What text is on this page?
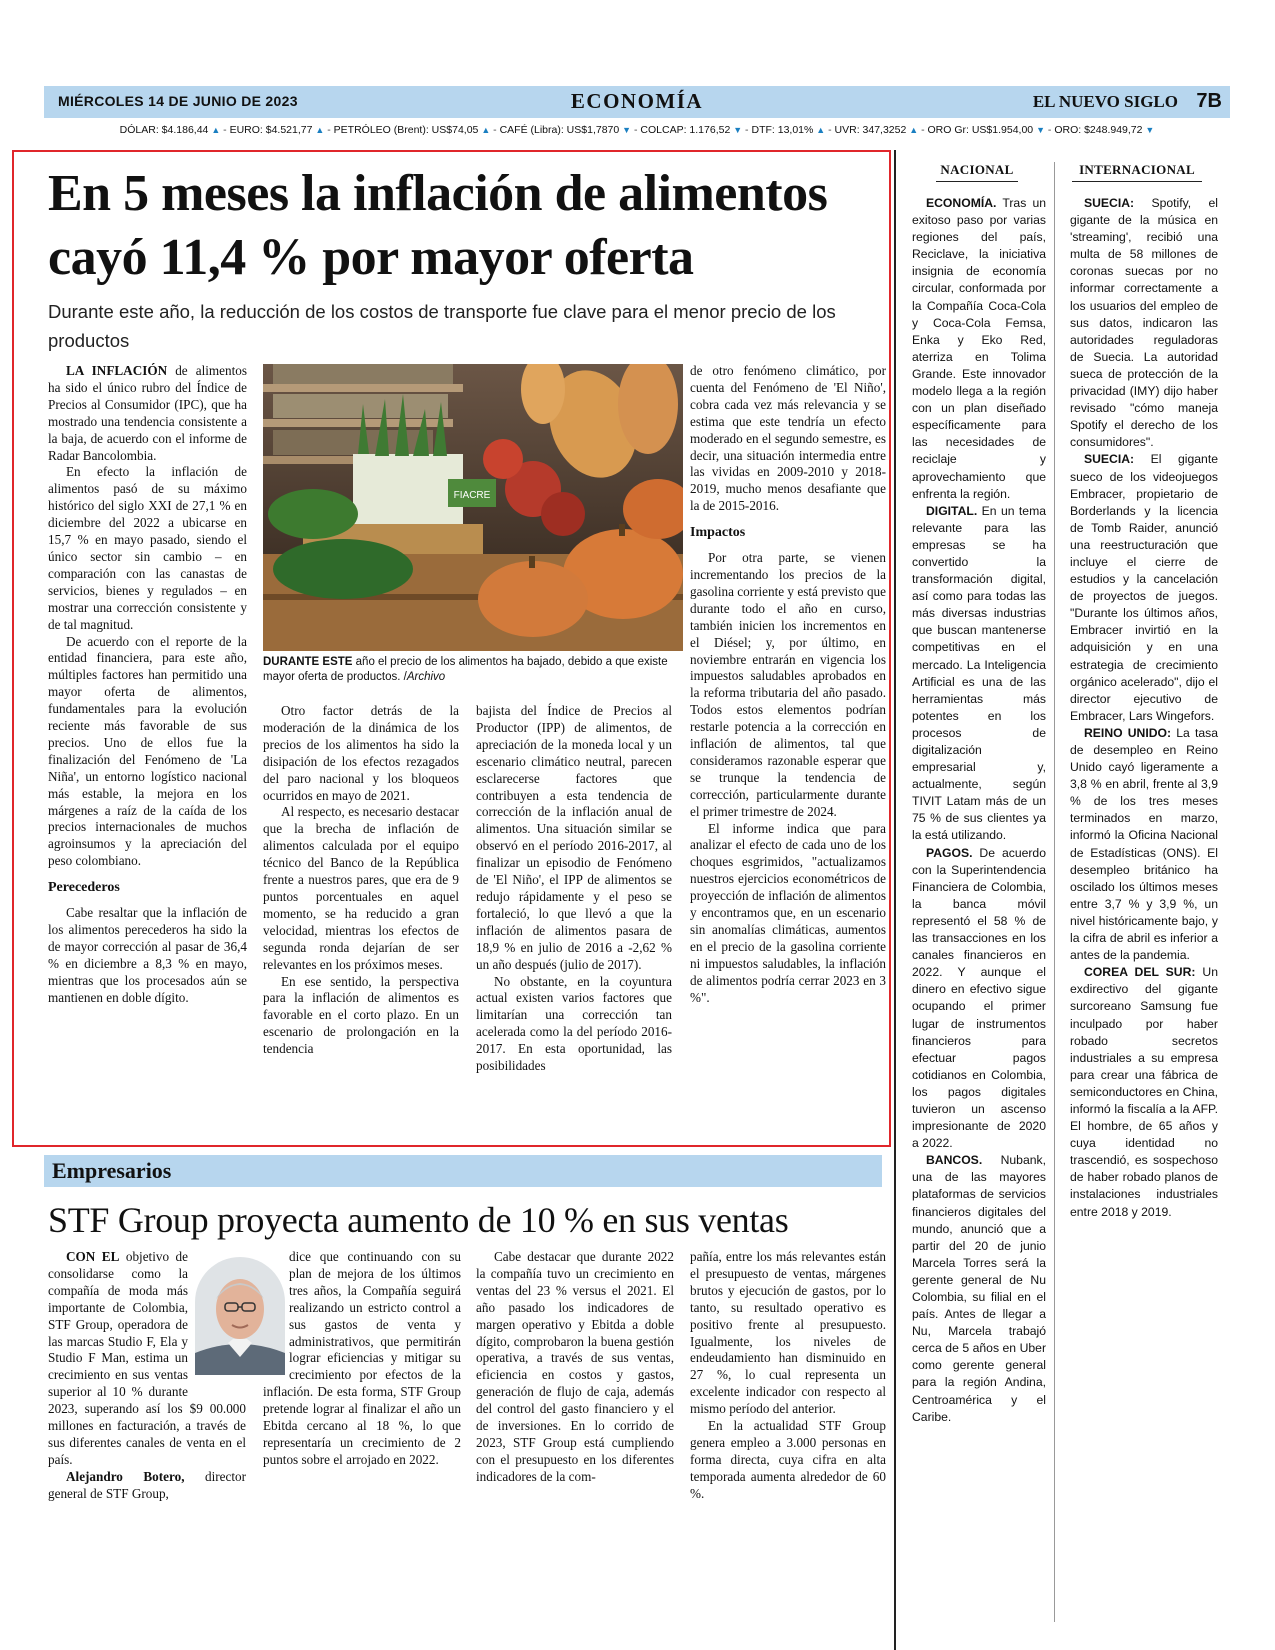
MIÉRCOLES 14 DE JUNIO DE 2023	ECONOMÍA	EL NUEVO SIGLO 7B
DÓLAR: $4.186,44 ▲ - EURO: $4.521,77 ▲ - PETRÓLEO (Brent): US$74,05 ▲ - CAFÉ (Libra): US$1,7870 ▼ - COLCAP: 1.176,52 ▼ - DTF: 13,01% ▲ - UVR: 347,3252 ▲ - ORO Gr: US$1.954,00 ▼ - ORO: $248.949,72 ▼
En 5 meses la inflación de alimentos cayó 11,4 % por mayor oferta
Durante este año, la reducción de los costos de transporte fue clave para el menor precio de los productos

LA INFLACIÓN de alimentos ha sido el único rubro del Índice de Precios al Consumidor (IPC), que ha mostrado una tendencia consistente a la baja, de acuerdo con el informe de Radar Bancolombia.

En efecto la inflación de alimentos pasó de su máximo histórico del siglo XXI de 27,1 % en diciembre del 2022 a ubicarse en 15,7 % en mayo pasado, siendo el único sector sin cambio – en comparación con las canastas de servicios, bienes y regulados – en mostrar una corrección consistente y de tal magnitud.

De acuerdo con el reporte de la entidad financiera, para este año, múltiples factores han permitido una mayor oferta de alimentos, fundamentales para la evolución reciente más favorable de sus precios. Uno de ellos fue la finalización del Fenómeno de 'La Niña', un entorno logístico nacional más estable, la mejora en los márgenes a raíz de la caída de los precios internacionales de muchos agroinsumos y la apreciación del peso colombiano.

Perecederos

Cabe resaltar que la inflación de los alimentos perecederos ha sido la de mayor corrección al pasar de 36,4 % en diciembre a 8,3 % en mayo, mientras que los procesados aún se mantienen en doble dígito.

FIACRE
DURANTE ESTE año el precio de los alimentos ha bajado, debido a que existe mayor oferta de productos. /Archivo

Otro factor detrás de la moderación de la dinámica de los precios de los alimentos ha sido la disipación de los efectos rezagados del paro nacional y los bloqueos ocurridos en mayo de 2021.

Al respecto, es necesario destacar que la brecha de inflación de alimentos calculada por el equipo técnico del Banco de la República frente a nuestros pares, que era de 9 puntos porcentuales en aquel momento, se ha reducido a gran velocidad, mientras los efectos de segunda ronda dejarían de ser relevantes en los próximos meses.

En ese sentido, la perspectiva para la inflación de alimentos es favorable en el corto plazo. En un escenario de prolongación en la tendencia

bajista del Índice de Precios al Productor (IPP) de alimentos, de apreciación de la moneda local y un escenario climático neutral, parecen esclarecerse factores que contribuyen a esta tendencia de corrección de la inflación anual de alimentos. Una situación similar se observó en el período 2016-2017, al finalizar un episodio de Fenómeno de 'El Niño', el IPP de alimentos se redujo rápidamente y el peso se fortaleció, lo que llevó a que la inflación de alimentos pasara de 18,9 % en julio de 2016 a -2,62 % un año después (julio de 2017).

No obstante, en la coyuntura actual existen varios factores que limitarían una corrección tan acelerada como la del período 2016-2017. En esta oportunidad, las posibilidades

de otro fenómeno climático, por cuenta del Fenómeno de 'El Niño', cobra cada vez más relevancia y se estima que este tendría un efecto moderado en el segundo semestre, es decir, una situación intermedia entre las vividas en 2009-2010 y 2018- 2019, mucho menos desafiante que la de 2015-2016.

Impactos

Por otra parte, se vienen incrementando los precios de la gasolina corriente y está previsto que durante todo el año en curso, también inicien los incrementos en el Diésel; y, por último, en noviembre entrarán en vigencia los impuestos saludables aprobados en la reforma tributaria del año pasado. Todos estos elementos podrían restarle potencia a la corrección en inflación de alimentos, tal que consideramos razonable esperar que se trunque la tendencia de corrección, particularmente durante el primer trimestre de 2024.

El informe indica que para analizar el efecto de cada uno de los choques esgrimidos, "actualizamos nuestros ejercicios econométricos de proyección de inflación de alimentos y encontramos que, en un escenario sin anomalías climáticas, aumentos en el precio de la gasolina corriente ni impuestos saludables, la inflación de alimentos podría cerrar 2023 en 3 %".

NACIONAL	INTERNACIONAL

ECONOMÍA. Tras un exitoso paso por varias regiones del país, Reciclave, la iniciativa insignia de economía circular, conformada por la Compañía Coca-Cola y Coca-Cola Femsa, Enka y Eko Red, aterriza en Tolima Grande. Este innovador modelo llega a la región con un plan diseñado específicamente para las necesidades de reciclaje y aprovechamiento que enfrenta la región.

DIGITAL. En un tema relevante para las empresas se ha convertido la transformación digital, así como para todas las más diversas industrias que buscan mantenerse competitivas en el mercado. La Inteligencia Artificial es una de las herramientas más potentes en los procesos de digitalización empresarial y, actualmente, según TIVIT Latam más de un 75 % de sus clientes ya la está utilizando.

PAGOS. De acuerdo con la Superintendencia Financiera de Colombia, la banca móvil representó el 58 % de las transacciones en los canales financieros en 2022. Y aunque el dinero en efectivo sigue ocupando el primer lugar de instrumentos financieros para efectuar pagos cotidianos en Colombia, los pagos digitales tuvieron un ascenso impresionante de 2020 a 2022.

BANCOS. Nubank, una de las mayores plataformas de servicios financieros digitales del mundo, anunció que a partir del 20 de junio Marcela Torres será la gerente general de Nu Colombia, su filial en el país. Antes de llegar a Nu, Marcela trabajó cerca de 5 años en Uber como gerente general para la región Andina, Centroamérica y el Caribe.

SUECIA: Spotify, el gigante de la música en 'streaming', recibió una multa de 58 millones de coronas suecas por no informar correctamente a los usuarios del empleo de sus datos, indicaron las autoridades reguladoras de Suecia. La autoridad sueca de protección de la privacidad (IMY) dijo haber revisado "cómo maneja Spotify el derecho de los consumidores".

SUECIA: El gigante sueco de los videojuegos Embracer, propietario de Borderlands y la licencia de Tomb Raider, anunció una reestructuración que incluye el cierre de estudios y la cancelación de proyectos de juegos. "Durante los últimos años, Embracer invirtió en la adquisición y en una estrategia de crecimiento orgánico acelerado", dijo el director ejecutivo de Embracer, Lars Wingefors.

REINO UNIDO: La tasa de desempleo en Reino Unido cayó ligeramente a 3,8 % en abril, frente al 3,9 % de los tres meses terminados en marzo, informó la Oficina Nacional de Estadísticas (ONS). El desempleo británico ha oscilado los últimos meses entre 3,7 % y 3,9 %, un nivel históricamente bajo, y la cifra de abril es inferior a antes de la pandemia.

COREA DEL SUR: Un exdirectivo del gigante surcoreano Samsung fue inculpado por haber robado secretos industriales a su empresa para crear una fábrica de semiconductores en China, informó la fiscalía a la AFP. El hombre, de 65 años y cuya identidad no trascendió, es sospechoso de haber robado planos de instalaciones industriales entre 2018 y 2019.

Empresarios
STF Group proyecta aumento de 10 % en sus ventas

CON EL objetivo de consolidarse como la compañía de moda más importante de Colombia, STF Group, operadora de las marcas Studio F, Ela y Studio F Man, estima un crecimiento en sus ventas superior al 10 % durante 2023, superando así los $9 00.000 millones en facturación, a través de sus diferentes canales de venta en el país.

Alejandro Botero, director general de STF Group,

dice que continuando con su plan de mejora de los últimos tres años, la Compañía seguirá realizando un estricto control a sus gastos de venta y administrativos, que permitirán lograr eficiencias y mitigar su crecimiento por efectos de la inflación. De esta forma, STF Group pretende lograr al finalizar el año un Ebitda cercano al 18 %, lo que representaría un crecimiento de 2 puntos sobre el arrojado en 2022.

Cabe destacar que durante 2022 la compañía tuvo un crecimiento en ventas del 23 % versus el 2021. El año pasado los indicadores de margen operativo y Ebitda a doble dígito, comprobaron la buena gestión operativa, a través de sus ventas, eficiencia en costos y gastos, generación de flujo de caja, además del control del gasto financiero y el de inversiones. En lo corrido de 2023, STF Group está cumpliendo con el presupuesto en los diferentes indicadores de la com-

pañía, entre los más relevantes están el presupuesto de ventas, márgenes brutos y ejecución de gastos, por lo tanto, su resultado operativo es positivo frente al presupuesto. Igualmente, los niveles de endeudamiento han disminuido en 27 %, lo cual representa un excelente indicador con respecto al mismo período del anterior.

En la actualidad STF Group genera empleo a 3.000 personas en forma directa, cuya cifra en alta temporada aumenta alrededor de 60 %.
